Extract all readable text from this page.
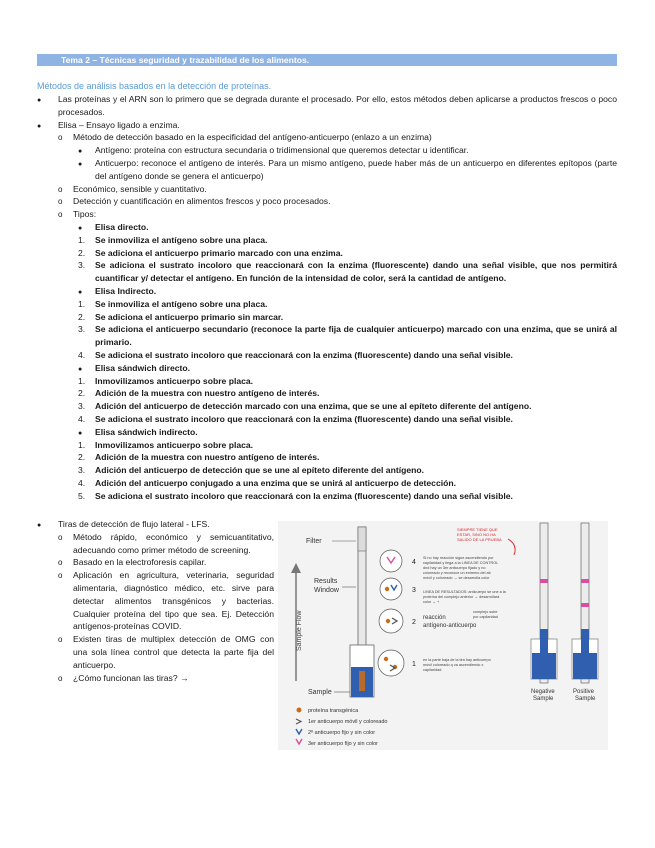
Tema 2 – Técnicas seguridad y trazabilidad de los alimentos.
Métodos de análisis basados en la detección de proteínas.
●
Las proteínas y el ARN son lo primero que se degrada durante el procesado. Por ello, estos métodos deben aplicarse a productos frescos o poco procesados.
●
Elisa – Ensayo ligado a enzima.
o
Método de detección basado en la especificidad del antígeno-anticuerpo (enlazo a un enzima)
●
Antígeno: proteína con estructura secundaria o tridimensional que queremos detectar u identificar.
●
Anticuerpo: reconoce el antígeno de interés. Para un mismo antígeno, puede haber más de un anticuerpo en diferentes epítopos (parte del antígeno donde se genera el anticuerpo)
o
Económico, sensible y cuantitativo.
o
Detección y cuantificación en alimentos frescos y poco procesados.
o
Tipos:
●
Elisa directo.
1. Se inmoviliza el antígeno sobre una placa.
2. Se adiciona el anticuerpo primario marcado con una enzima.
3. Se adiciona el sustrato incoloro que reaccionará con la enzima (fluorescente) dando una señal visible, que nos permitirá cuantificar y/ detectar el antígeno. En función de la intensidad de color, será la cantidad de antígeno.
●
Elisa Indirecto.
1. Se inmoviliza el antígeno sobre una placa.
2. Se adiciona el anticuerpo primario sin marcar.
3. Se adiciona el anticuerpo secundario (reconoce la parte fija de cualquier anticuerpo) marcado con una enzima, que se unirá al primario.
4. Se adiciona el sustrato incoloro que reaccionará con la enzima (fluorescente) dando una señal visible.
●
Elisa sándwich directo.
1. Inmovilizamos anticuerpo sobre placa.
2. Adición de la muestra con nuestro antígeno de interés.
3. Adición del anticuerpo de detección marcado con una enzima, que se une al epíteto diferente del antígeno.
4. Se adiciona el sustrato incoloro que reaccionará con la enzima (fluorescente) dando una señal visible.
●
Elisa sándwich indirecto.
1. Inmovilizamos anticuerpo sobre placa.
2. Adición de la muestra con nuestro antígeno de interés.
3. Adición del anticuerpo de detección que se une al epíteto diferente del antígeno.
4. Adición del anticuerpo conjugado a una enzima que se unirá al anticuerpo de detección.
5. Se adiciona el sustrato incoloro que reaccionará con la enzima (fluorescente) dando una señal visible.
●
Tiras de detección de flujo lateral - LFS.
o
Método rápido, económico y semicuantitativo, adecuando como primer método de screening.
o
Basado en la electroforesis capilar.
o
Aplicación en agricultura, veterinaria, seguridad alimentaria, diagnóstico médico, etc. sirve para detectar alimentos transgénicos y bacterias. Cualquier proteína del tipo que sea. Ej. Detección antígenos-proteínas COVID.
o
Existen tiras de multiplex detección de OMG con una sola línea control que detecta la parte fija del anticuerpo.
o
¿Cómo funcionan las tiras? →
Sample Flow
Filter
Results
Window
Sample
4
3
2
1
SIEMPRE TIENE QUE ESTAR, SINO NO HA SALIDO DE LA PRUEBA
Si no hay reacción sigue ascendiendo por capilaridad y llega a la LINEA DE CONTROL dnd hay un 3er anticuerpo fijado y no coloreado y reconoce un extremo del ab móvil y coloreado → se desarrolla color
LINEA DE RESULTADOS: anticuerpo se une a la proteína del complejo anterior → desarrollará color → +
reacción
antígeno-anticuerpo
complejo sube
por capilaridad
en la parte baja de la tira hay anticuerpo móvil coloreado q va ascendiendo x capilaridad
Negative
Sample
Positive
Sample
proteína transgénica
1er anticuerpo móvil y coloreado
2º anticuerpo fijo y sin color
3er anticuerpo fijo y sin color
